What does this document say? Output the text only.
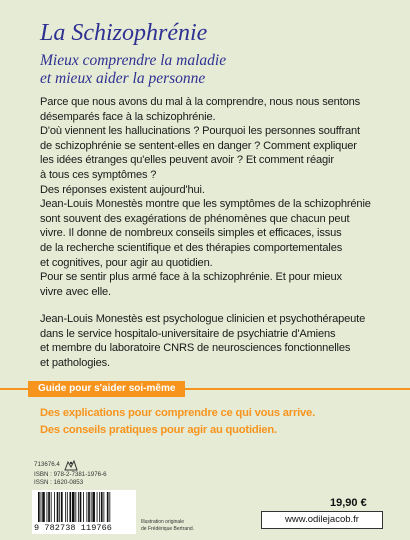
La Schizophrénie
Mieux comprendre la maladie
et mieux aider la personne
Parce que nous avons du mal à la comprendre, nous nous sentons
désemparés face à la schizophrénie.
D'où viennent les hallucinations ? Pourquoi les personnes souffrant
de schizophrénie se sentent-elles en danger ? Comment expliquer
les idées étranges qu'elles peuvent avoir ? Et comment réagir
à tous ces symptômes ?
Des réponses existent aujourd'hui.
Jean-Louis Monestès montre que les symptômes de la schizophrénie
sont souvent des exagérations de phénomènes que chacun peut
vivre. Il donne de nombreux conseils simples et efficaces, issus
de la recherche scientifique et des thérapies comportementales
et cognitives, pour agir au quotidien.
Pour se sentir plus armé face à la schizophrénie. Et pour mieux
vivre avec elle.
Jean-Louis Monestès est psychologue clinicien et psychothérapeute
dans le service hospitalo-universitaire de psychiatrie d'Amiens
et membre du laboratoire CNRS de neurosciences fonctionnelles
et pathologies.
Guide pour s'aider soi-même
Des explications pour comprendre ce qui vous arrive.
Des conseils pratiques pour agir au quotidien.
713676.4
ISBN : 978-2-7381-1976-6
ISSN : 1620-0853
9 782738 119766
Illustration originale
de Frédérique Bertrand.
19,90 €
www.odilejacob.fr
